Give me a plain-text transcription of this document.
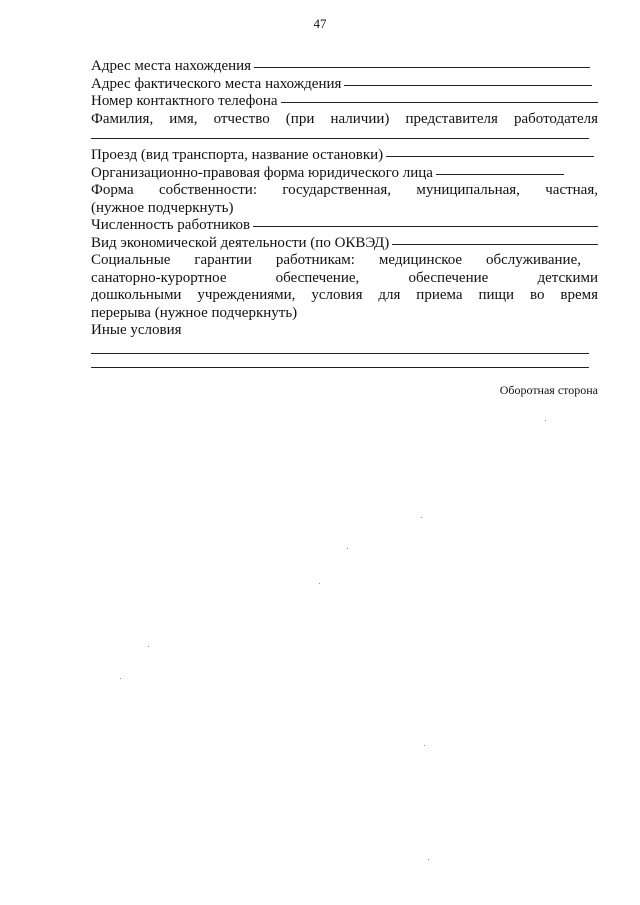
47
Адрес места нахождения
Адрес фактического места нахождения
Номер контактного телефона
Фамилия, имя, отчество (при наличии) представителя работодателя
Проезд (вид транспорта, название остановки)
Организационно-правовая форма юридического лица
Форма собственности: государственная, муниципальная, частная,
(нужное подчеркнуть)
Численность работников
Вид экономической деятельности (по ОКВЭД)
Социальные гарантии работникам: медицинское обслуживание,
санаторно-курортное обеспечение, обеспечение детскими
дошкольными учреждениями, условия для приема пищи во время
перерыва (нужное подчеркнуть)
Иные условия
Оборотная сторона
